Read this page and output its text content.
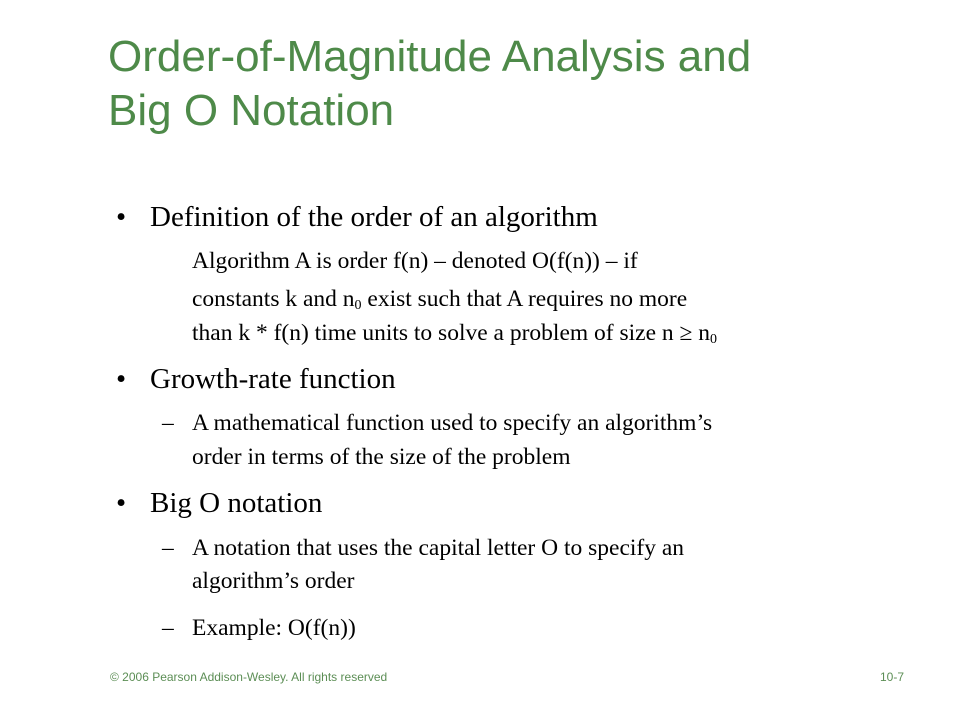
Order-of-Magnitude Analysis and
Big O Notation
• Definition of the order of an algorithm
Algorithm A is order f(n) – denoted O(f(n)) – if
constants k and $n_0$ exist such that A requires no more
than k * f(n) time units to solve a problem of size $n \ge n_0$
• Growth-rate function
– A mathematical function used to specify an algorithm’s
order in terms of the size of the problem
• Big O notation
– A notation that uses the capital letter O to specify an
algorithm’s order
– Example: O(f(n))
© 2006 Pearson Addison-Wesley. All rights reserved	10-7
